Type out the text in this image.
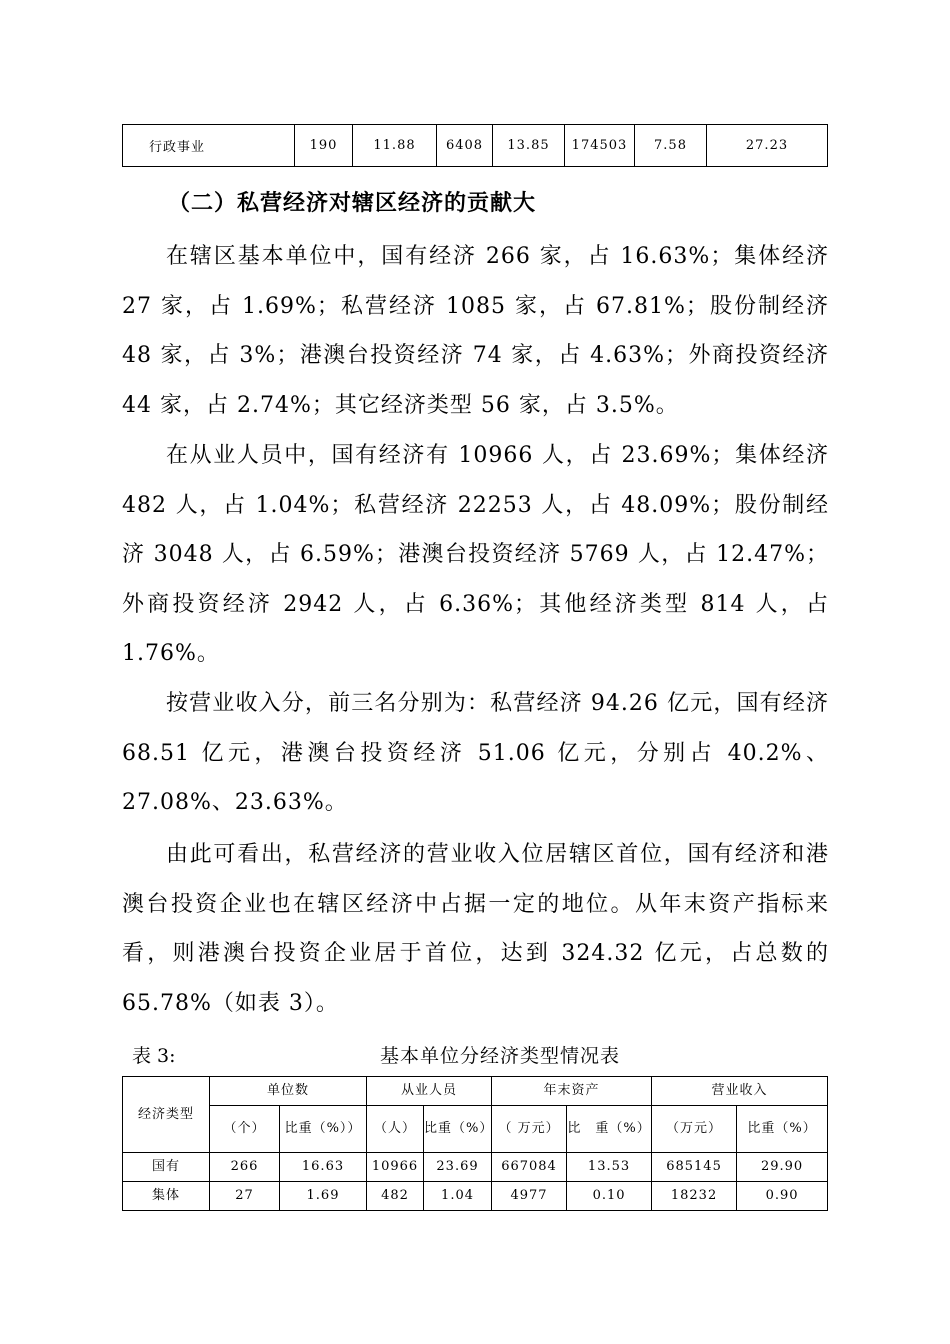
行政事业	190	11.88	6408	13.85	174503	7.58	27.23
（二）私营经济对辖区经济的贡献大

在辖区基本单位中，国有经济 266 家，占 16.63%；集体经济 27 家，占 1.69%；私营经济 1085 家，占 67.81%；股份制经济 48 家，占 3%；港澳台投资经济 74 家，占 4.63%；外商投资经济 44 家，占 2.74%；其它经济类型 56 家，占 3.5%。

在从业人员中，国有经济有 10966 人，占 23.69%；集体经济 482 人，占 1.04%；私营经济 22253 人，占 48.09%；股份制经济 3048 人，占 6.59%；港澳台投资经济 5769 人，占 12.47%；外商投资经济 2942 人，占 6.36%；其他经济类型 814 人，占 1.76%。

按营业收入分，前三名分别为：私营经济 94.26 亿元，国有经济 68.51 亿元，港澳台投资经济 51.06 亿元，分别占 40.2%、27.08%、23.63%。

由此可看出，私营经济的营业收入位居辖区首位，国有经济和港澳台投资企业也在辖区经济中占据一定的地位。从年末资产指标来看，则港澳台投资企业居于首位，达到 324.32 亿元，占总数的 65.78%（如表 3）。

表 3:	基本单位分经济类型情况表
经济类型	单位数		从业人员		年末资产		营业收入	
	（个）	比重（%））	（人）	比重（%）	（ 万元）	比　重（%）	（万元）	比重（%）
国有	266	16.63	10966	23.69	667084	13.53	685145	29.90
集体	27	1.69	482	1.04	4977	0.10	18232	0.90
